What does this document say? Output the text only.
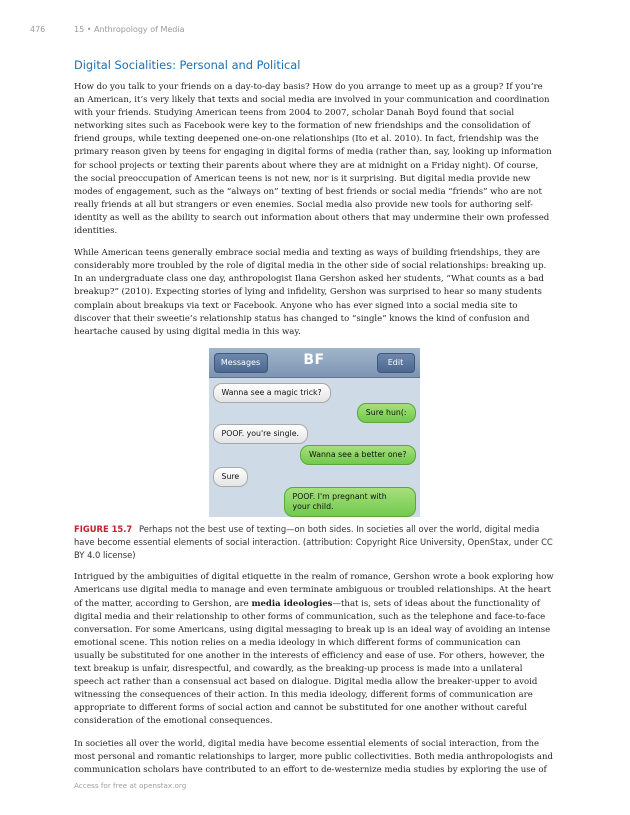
476	15 • Anthropology of Media
Digital Socialities: Personal and Political

How do you talk to your friends on a day-to-day basis? How do you arrange to meet up as a group? If you’re an American, it’s very likely that texts and social media are involved in your communication and coordination with your friends. Studying American teens from 2004 to 2007, scholar Danah Boyd found that social networking sites such as Facebook were key to the formation of new friendships and the consolidation of friend groups, while texting deepened one-on-one relationships (Ito et al. 2010). In fact, friendship was the primary reason given by teens for engaging in digital forms of media (rather than, say, looking up information for school projects or texting their parents about where they are at midnight on a Friday night). Of course, the social preoccupation of American teens is not new, nor is it surprising. But digital media provide new modes of engagement, such as the “always on” texting of best friends or social media “friends” who are not really friends at all but strangers or even enemies. Social media also provide new tools for authoring self-identity as well as the ability to search out information about others that may undermine their own professed identities.

While American teens generally embrace social media and texting as ways of building friendships, they are considerably more troubled by the role of digital media in the other side of social relationships: breaking up. In an undergraduate class one day, anthropologist Ilana Gershon asked her students, “What counts as a bad breakup?” (2010). Expecting stories of lying and infidelity, Gershon was surprised to hear so many students complain about breakups via text or Facebook. Anyone who has ever signed into a social media site to discover that their sweetie’s relationship status has changed to “single” knows the kind of confusion and heartache caused by using digital media in this way.

Messages	BF	Edit
Wanna see a magic trick?
Sure hun(:
POOF. you're single.
Wanna see a better one?
Sure
POOF. I'm pregnant with your child.
FIGURE 15.7 Perhaps not the best use of texting—on both sides. In societies all over the world, digital media have become essential elements of social interaction. (attribution: Copyright Rice University, OpenStax, under CC BY 4.0 license)

Intrigued by the ambiguities of digital etiquette in the realm of romance, Gershon wrote a book exploring how Americans use digital media to manage and even terminate ambiguous or troubled relationships. At the heart of the matter, according to Gershon, are media ideologies—that is, sets of ideas about the functionality of digital media and their relationship to other forms of communication, such as the telephone and face-to-face conversation. For some Americans, using digital messaging to break up is an ideal way of avoiding an intense emotional scene. This notion relies on a media ideology in which different forms of communication can usually be substituted for one another in the interests of efficiency and ease of use. For others, however, the text breakup is unfair, disrespectful, and cowardly, as the breaking-up process is made into a unilateral speech act rather than a consensual act based on dialogue. Digital media allow the breaker-upper to avoid witnessing the consequences of their action. In this media ideology, different forms of communication are appropriate to different forms of social action and cannot be substituted for one another without careful consideration of the emotional consequences.

In societies all over the world, digital media have become essential elements of social interaction, from the most personal and romantic relationships to larger, more public collectivities. Both media anthropologists and communication scholars have contributed to an effort to de-westernize media studies by exploring the use of

Access for free at openstax.org
